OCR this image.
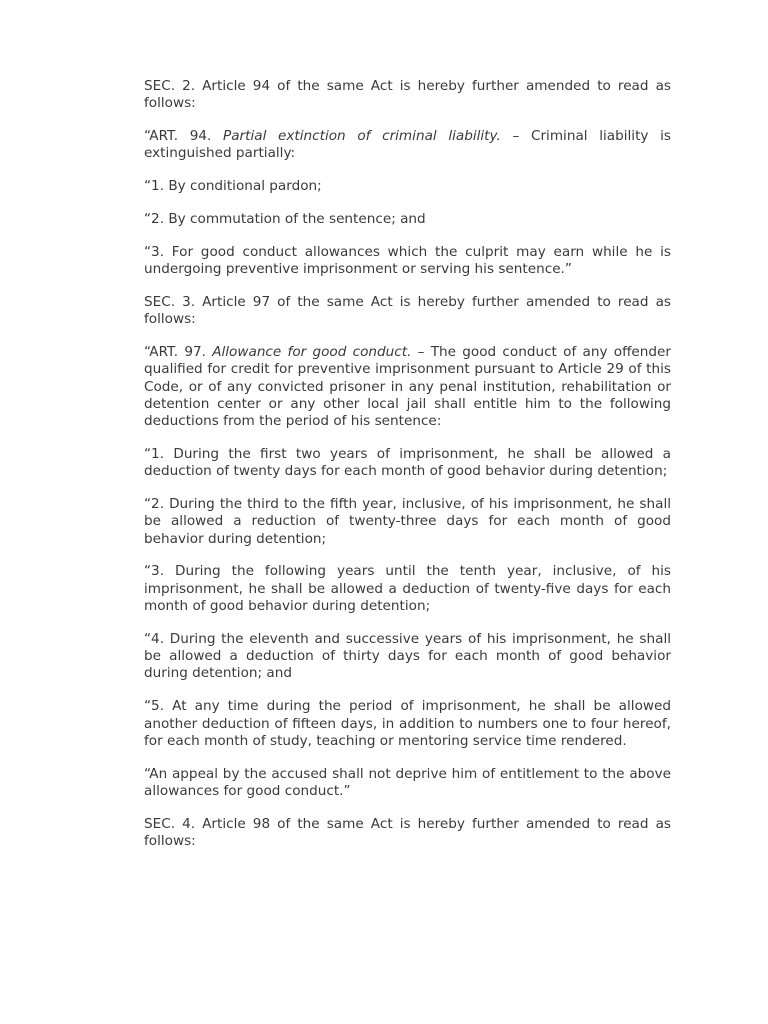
SEC. 2. Article 94 of the same Act is hereby further amended to read as follows:

“ART. 94. Partial extinction of criminal liability. – Criminal liability is extinguished partially:

“1. By conditional pardon;

“2. By commutation of the sentence; and

“3. For good conduct allowances which the culprit may earn while he is undergoing preventive imprisonment or serving his sentence.”

SEC. 3. Article 97 of the same Act is hereby further amended to read as follows:

“ART. 97. Allowance for good conduct. – The good conduct of any offender qualified for credit for preventive imprisonment pursuant to Article 29 of this Code, or of any convicted prisoner in any penal institution, rehabilitation or detention center or any other local jail shall entitle him to the following deductions from the period of his sentence:

“1. During the first two years of imprisonment, he shall be allowed a deduction of twenty days for each month of good behavior during detention;

“2. During the third to the fifth year, inclusive, of his imprisonment, he shall be allowed a reduction of twenty-three days for each month of good behavior during detention;

“3. During the following years until the tenth year, inclusive, of his imprisonment, he shall be allowed a deduction of twenty-five days for each month of good behavior during detention;

“4. During the eleventh and successive years of his imprisonment, he shall be allowed a deduction of thirty days for each month of good behavior during detention; and

“5. At any time during the period of imprisonment, he shall be allowed another deduction of fifteen days, in addition to numbers one to four hereof, for each month of study, teaching or mentoring service time rendered.

“An appeal by the accused shall not deprive him of entitlement to the above allowances for good conduct.”

SEC. 4. Article 98 of the same Act is hereby further amended to read as follows:
